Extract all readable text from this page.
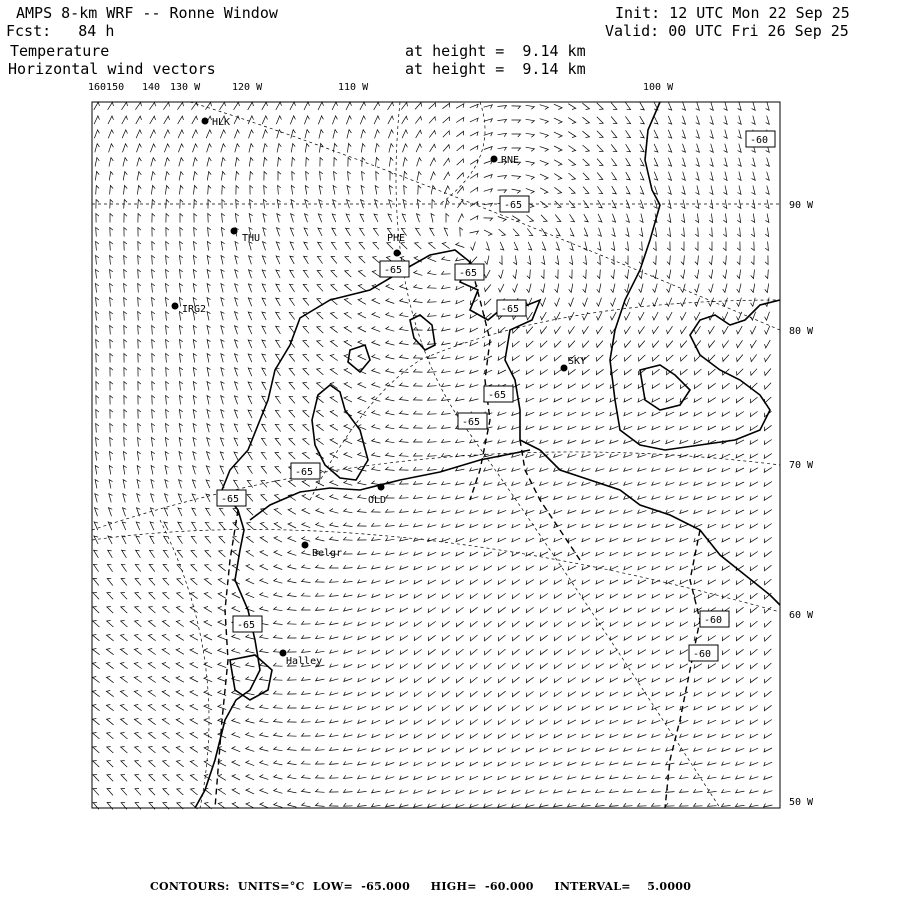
AMPS 8-km WRF -- Ronne Window
Fcst: 84 h
Temperature
Horizontal wind vectors
at height =  9.14 km
at height =  9.14 km
Init: 12 UTC Mon 22 Sep 25
Valid: 00 UTC Fri 26 Sep 25
160150 140 130 W	120 W	110 W	100 W
90 W
80 W
70 W
60 W
50 W
HLK
RNE
THU	PHE
IRG2
SKY
OLD
Belgr
Halley
-60
-65
-65	-65
-65
-65
-65
-65
-65
-65	-60
-60
CONTOURS:  UNITS=°C  LOW=  -65.000     HIGH=  -60.000     INTERVAL=    5.0000
